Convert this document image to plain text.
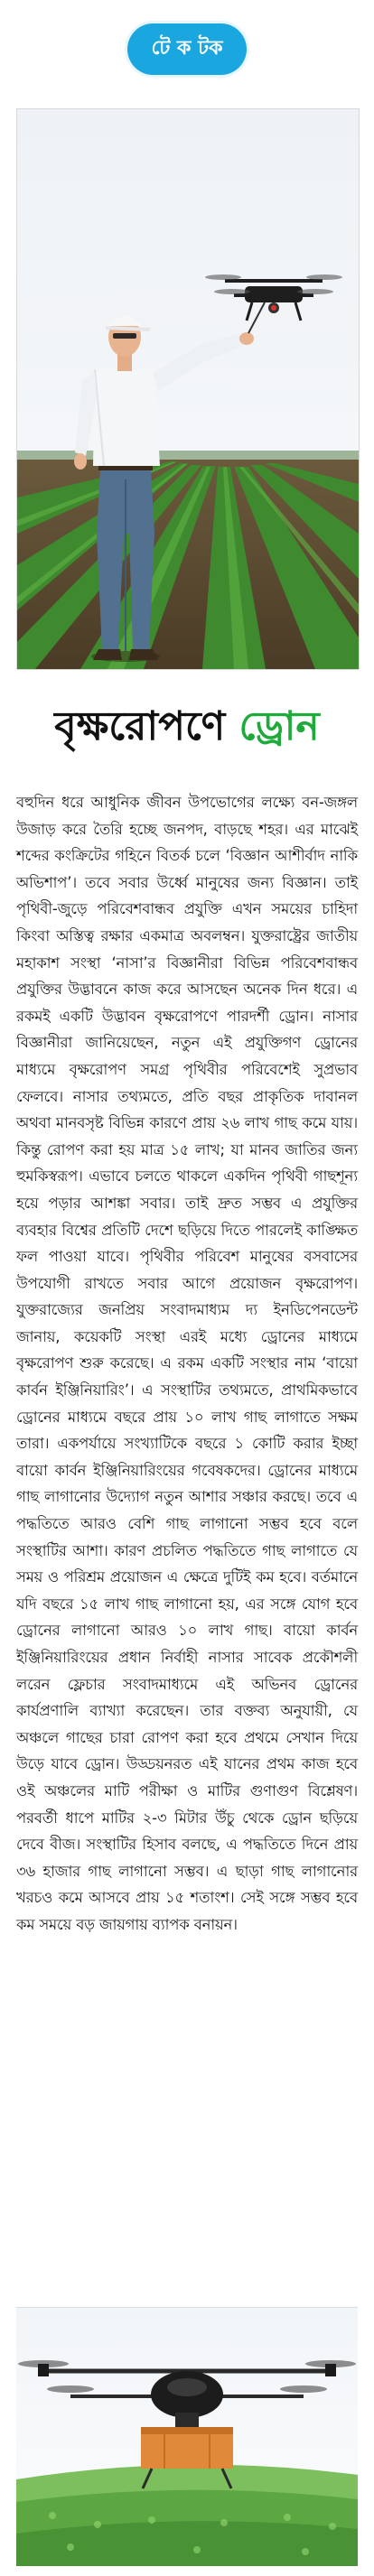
টে ক টক
বৃক্ষরোপণে ড্রোন

বহুদিন ধরে আধুনিক জীবন উপভোগের লক্ষ্যে বন-জঙ্গল উজাড় করে তৈরি হচ্ছে জনপদ, বাড়ছে শহর। এর মাঝেই শব্দের কংক্রিটের গহিনে বিতর্ক চলে ‘বিজ্ঞান আশীর্বাদ নাকি অভিশাপ’। তবে সবার উর্ধ্বে মানুষের জন্য বিজ্ঞান। তাই পৃথিবী-জুড়ে পরিবেশবান্ধব প্রযুক্তি এখন সময়ের চাহিদা কিংবা অস্তিত্ব রক্ষার একমাত্র অবলম্বন। যুক্তরাষ্ট্রের জাতীয় মহাকাশ সংস্থা ‘নাসা’র বিজ্ঞানীরা বিভিন্ন পরিবেশবান্ধব প্রযুক্তির উদ্ভাবনে কাজ করে আসছেন অনেক দিন ধরে। এ রকমই একটি উদ্ভাবন বৃক্ষরোপণে পারদর্শী ড্রোন। নাসার বিজ্ঞানীরা জানিয়েছেন, নতুন এই প্রযুক্তিগণ ড্রোনের মাধ্যমে বৃক্ষরোপণ সমগ্র পৃথিবীর পরিবেশেই সুপ্রভাব ফেলবে। নাসার তথ্যমতে, প্রতি বছর প্রাকৃতিক দাবানল অথবা মানবসৃষ্ট বিভিন্ন কারণে প্রায় ২৬ লাখ গাছ কমে যায়। কিন্তু রোপণ করা হয় মাত্র ১৫ লাখ; যা মানব জাতির জন্য হুমকিস্বরূপ। এভাবে চলতে থাকলে একদিন পৃথিবী গাছশূন্য হয়ে পড়ার আশঙ্কা সবার। তাই দ্রুত সম্ভব এ প্রযুক্তির ব্যবহার বিশ্বের প্রতিটি দেশে ছড়িয়ে দিতে পারলেই কাঙ্ক্ষিত ফল পাওয়া যাবে। পৃথিবীর পরিবেশ মানুষের বসবাসের উপযোগী রাখতে সবার আগে প্রয়োজন বৃক্ষরোপণ। যুক্তরাজ্যের জনপ্রিয় সংবাদমাধ্যম দ্য ইনডিপেনডেন্ট জানায়, কয়েকটি সংস্থা এরই মধ্যে ড্রোনের মাধ্যমে বৃক্ষরোপণ শুরু করেছে। এ রকম একটি সংস্থার নাম ‘বায়ো কার্বন ইঞ্জিনিয়ারিং’। এ সংস্থাটির তথ্যমতে, প্রাথমিকভাবে ড্রোনের মাধ্যমে বছরে প্রায় ১০ লাখ গাছ লাগাতে সক্ষম তারা। একপর্যায়ে সংখ্যাটিকে বছরে ১ কোটি করার ইচ্ছা বায়ো কার্বন ইঞ্জিনিয়ারিংয়ের গবেষকদের। ড্রোনের মাধ্যমে গাছ লাগানোর উদ্যোগ নতুন আশার সঞ্চার করছে। তবে এ পদ্ধতিতে আরও বেশি গাছ লাগানো সম্ভব হবে বলে সংস্থাটির আশা। কারণ প্রচলিত পদ্ধতিতে গাছ লাগাতে যে সময় ও পরিশ্রম প্রয়োজন এ ক্ষেত্রে দুটিই কম হবে। বর্তমানে যদি বছরে ১৫ লাখ গাছ লাগানো হয়, এর সঙ্গে যোগ হবে ড্রোনের লাগানো আরও ১০ লাখ গাছ। বায়ো কার্বন ইঞ্জিনিয়ারিংয়ের প্রধান নির্বাহী নাসার সাবেক প্রকৌশলী লরেন ফ্লেচার সংবাদমাধ্যমে এই অভিনব ড্রোনের কার্যপ্রণালি ব্যাখ্যা করেছেন। তার বক্তব্য অনুযায়ী, যে অঞ্চলে গাছের চারা রোপণ করা হবে প্রথমে সেখান দিয়ে উড়ে যাবে ড্রোন। উড্ডয়নরত এই যানের প্রথম কাজ হবে ওই অঞ্চলের মাটি পরীক্ষা ও মাটির গুণাগুণ বিশ্লেষণ। পরবর্তী ধাপে মাটির ২-৩ মিটার উঁচু থেকে ড্রোন ছড়িয়ে দেবে বীজ। সংস্থাটির হিসাব বলছে, এ পদ্ধতিতে দিনে প্রায় ৩৬ হাজার গাছ লাগানো সম্ভব। এ ছাড়া গাছ লাগানোর খরচও কমে আসবে প্রায় ১৫ শতাংশ। সেই সঙ্গে সম্ভব হবে কম সময়ে বড় জায়গায় ব্যাপক বনায়ন।
